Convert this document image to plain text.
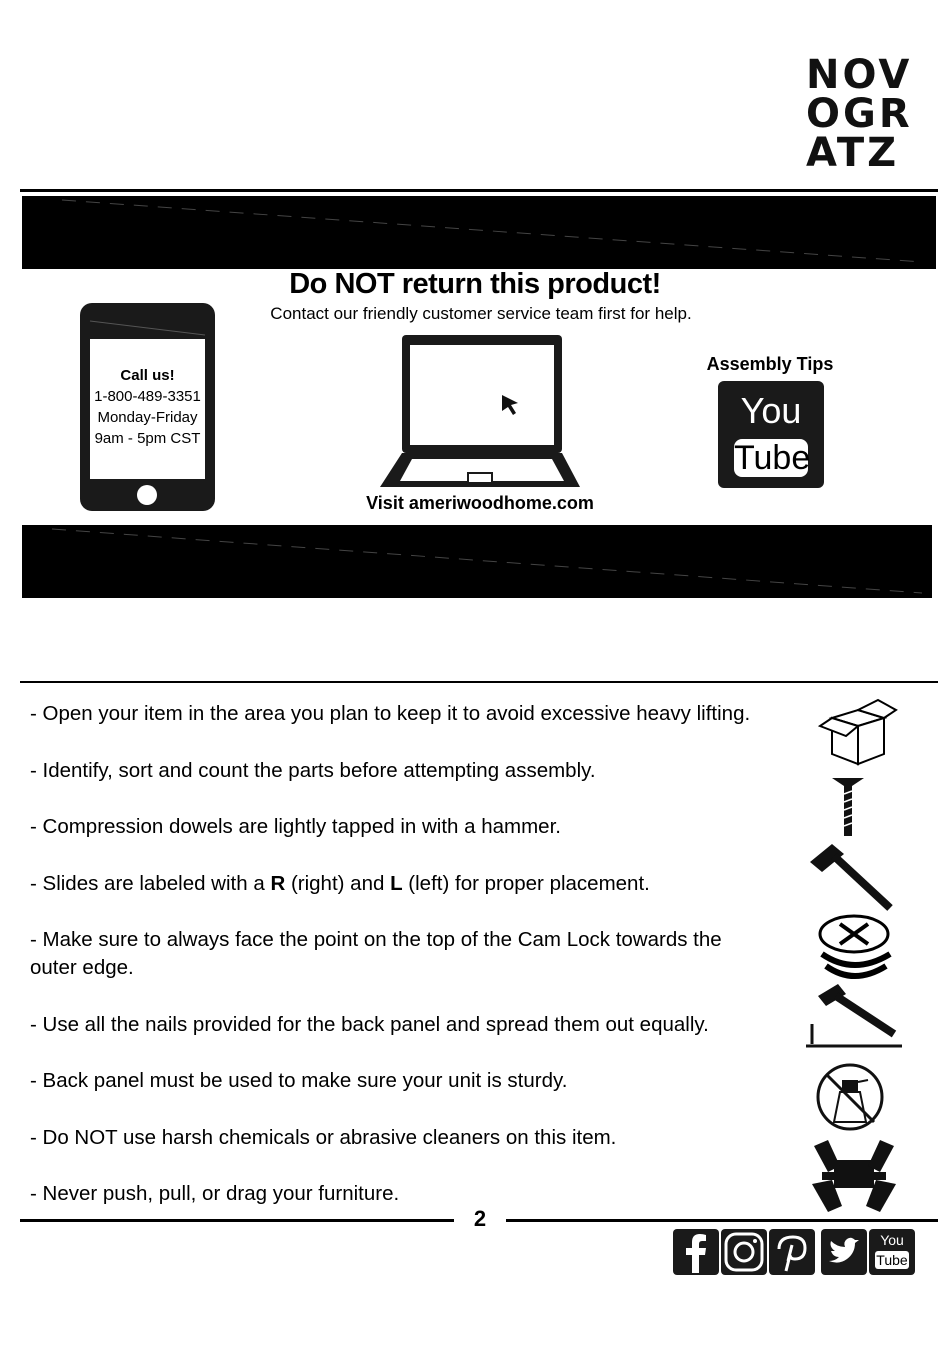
NOV
OGR
ATZ
Do NOT return this product!
Contact our friendly customer service team first for help.
Call us!
1-800-489-3351
Monday-Friday
9am - 5pm CST
Visit ameriwoodhome.com
Assembly Tips
You
Tube
- Open your item in the area you plan to keep it to avoid excessive heavy lifting.
- Identify, sort and count the parts before attempting assembly.
- Compression dowels are lightly tapped in with a hammer.
- Slides are labeled with a R (right) and L (left) for proper placement.
- Make sure to always face the point on the top of the Cam Lock towards the
outer edge.
- Use all the nails provided for the back panel and spread them out equally.
- Back panel must be used to make sure your unit is sturdy.
- Do NOT use harsh chemicals or abrasive cleaners on this item.
- Never push, pull, or drag your furniture.
2
You
Tube
